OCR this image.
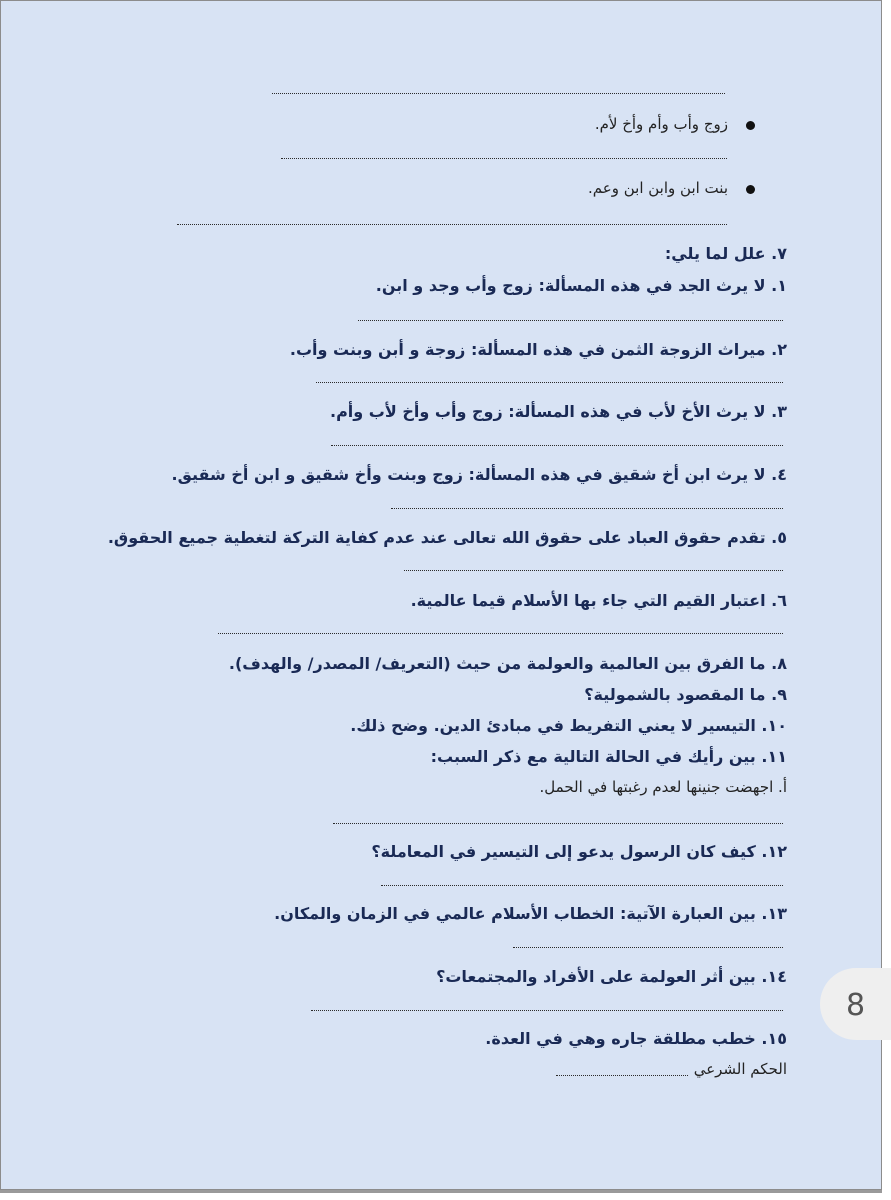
زوج وأب وأم وأخ لأم.
بنت ابن وابن ابن وعم.
٧. علل لما يلي:
١. لا يرث الجد في هذه المسألة: زوج وأب وجد و ابن.
٢. ميراث الزوجة الثمن في هذه المسألة: زوجة و أبن وبنت وأب.
٣. لا يرث الأخ لأب في هذه المسألة: زوج وأب وأخ لأب وأم.
٤. لا يرث ابن أخ شقيق في هذه المسألة: زوج وبنت وأخ شقيق و ابن أخ شقيق.
٥. تقدم حقوق العباد على حقوق الله تعالى عند عدم كفاية التركة لتغطية جميع الحقوق.
٦. اعتبار القيم التي جاء بها الأسلام قيما عالمية.
٨. ما الفرق بين العالمية والعولمة من حيث (التعريف/ المصدر/ والهدف).
٩. ما المقصود بالشمولية؟
١٠. التيسير لا يعني التفريط في مبادئ الدين. وضح ذلك.
١١. بين رأيك في الحالة التالية مع ذكر السبب:
أ. اجهضت جنينها لعدم رغبتها في الحمل.
١٢. كيف كان الرسول يدعو إلى التيسير في المعاملة؟
١٣. بين العبارة الآتية: الخطاب الأسلام عالمي في الزمان والمكان.
١٤. بين أثر العولمة على الأفراد والمجتمعات؟
١٥. خطب مطلقة جاره وهي في العدة.
الحكم الشرعي
8
